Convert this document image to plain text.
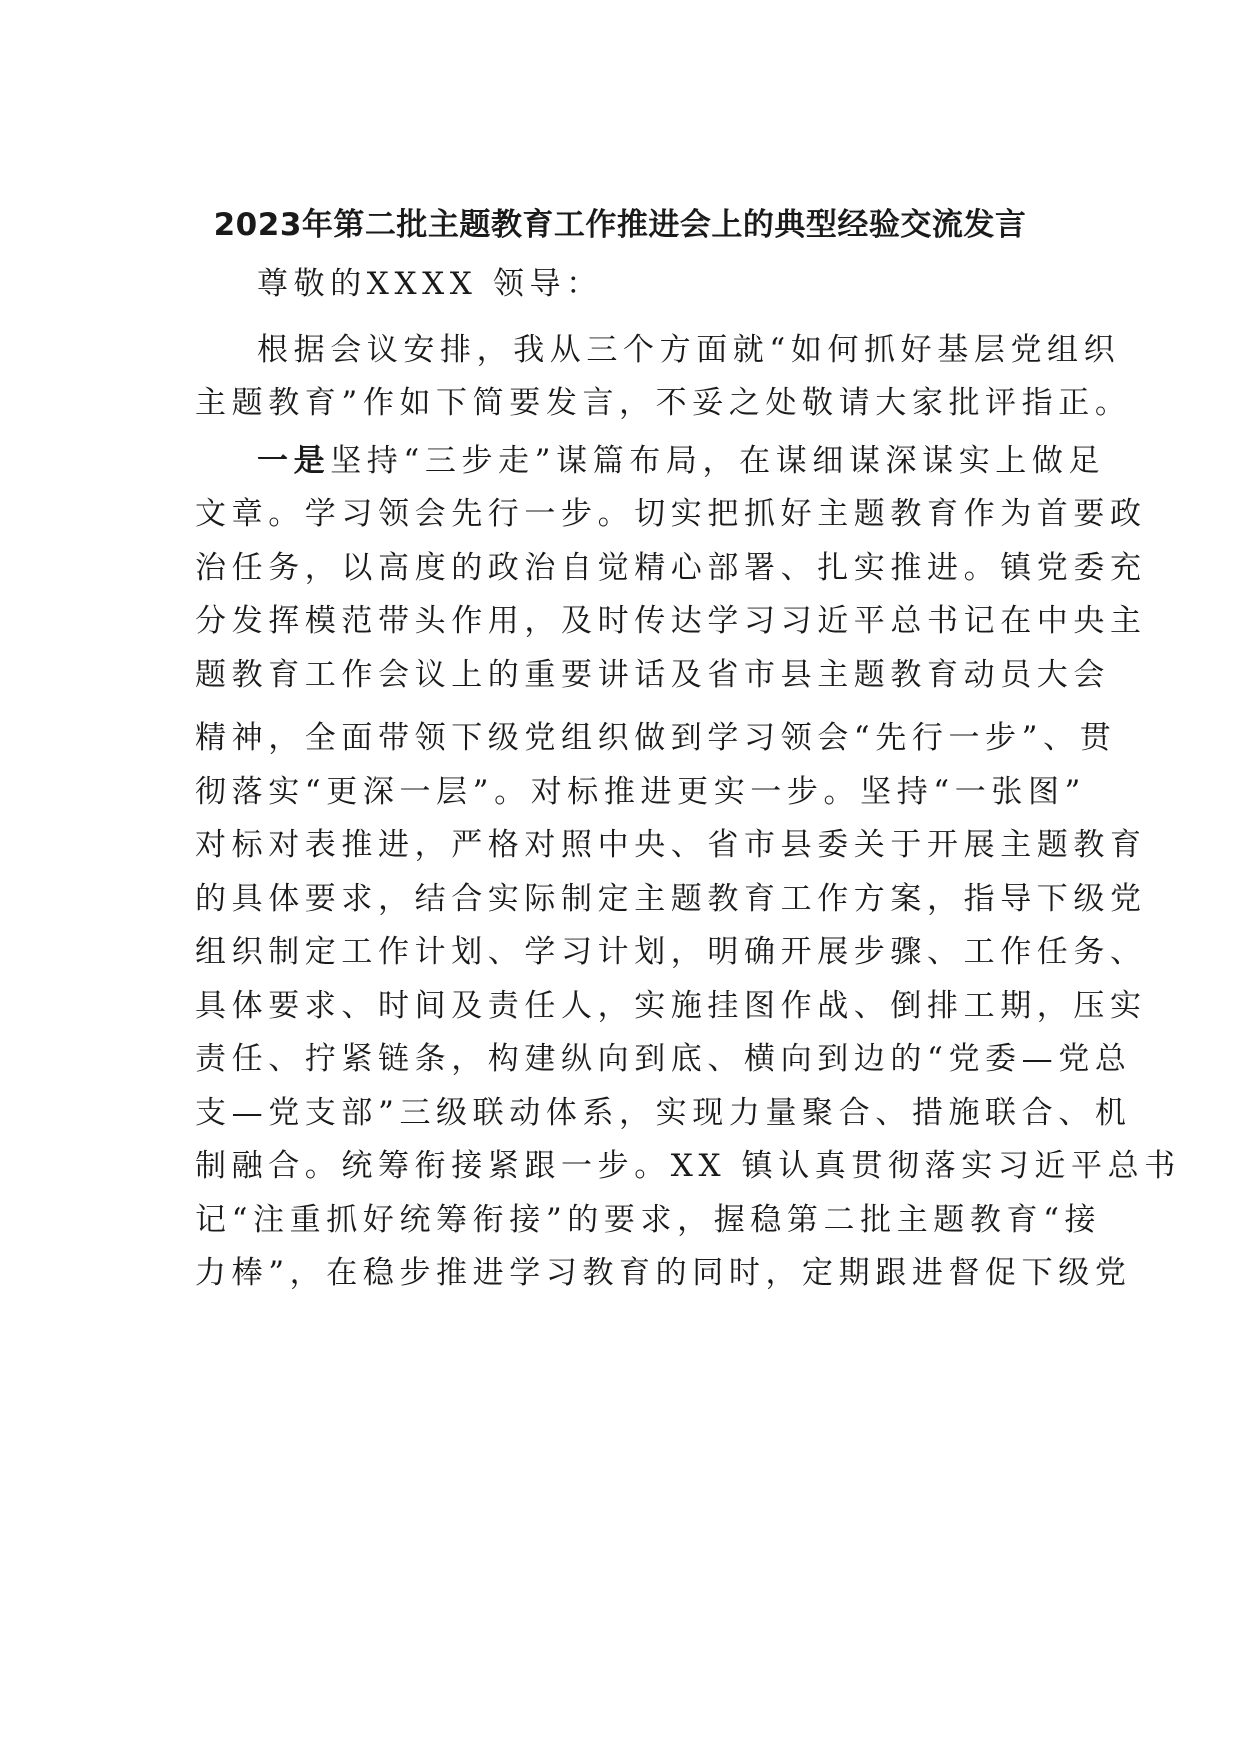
2023年第二批主题教育工作推进会上的典型经验交流发言
尊敬的XXXX 领导：
根据会议安排，我从三个方面就“如何抓好基层党组织
主题教育”作如下简要发言，不妥之处敬请大家批评指正。
一是坚持“三步走”谋篇布局，在谋细谋深谋实上做足
文章。学习领会先行一步。切实把抓好主题教育作为首要政
治任务，以高度的政治自觉精心部署、扎实推进。镇党委充
分发挥模范带头作用，及时传达学习习近平总书记在中央主
题教育工作会议上的重要讲话及省市县主题教育动员大会
精神，全面带领下级党组织做到学习领会“先行一步”、贯
彻落实“更深一层”。对标推进更实一步。坚持“一张图”
对标对表推进，严格对照中央、省市县委关于开展主题教育
的具体要求，结合实际制定主题教育工作方案，指导下级党
组织制定工作计划、学习计划，明确开展步骤、工作任务、
具体要求、时间及责任人，实施挂图作战、倒排工期，压实
责任、拧紧链条，构建纵向到底、横向到边的“党委—党总
支—党支部”三级联动体系，实现力量聚合、措施联合、机
制融合。统筹衔接紧跟一步。XX 镇认真贯彻落实习近平总书
记“注重抓好统筹衔接”的要求，握稳第二批主题教育“接
力棒”，在稳步推进学习教育的同时，定期跟进督促下级党
